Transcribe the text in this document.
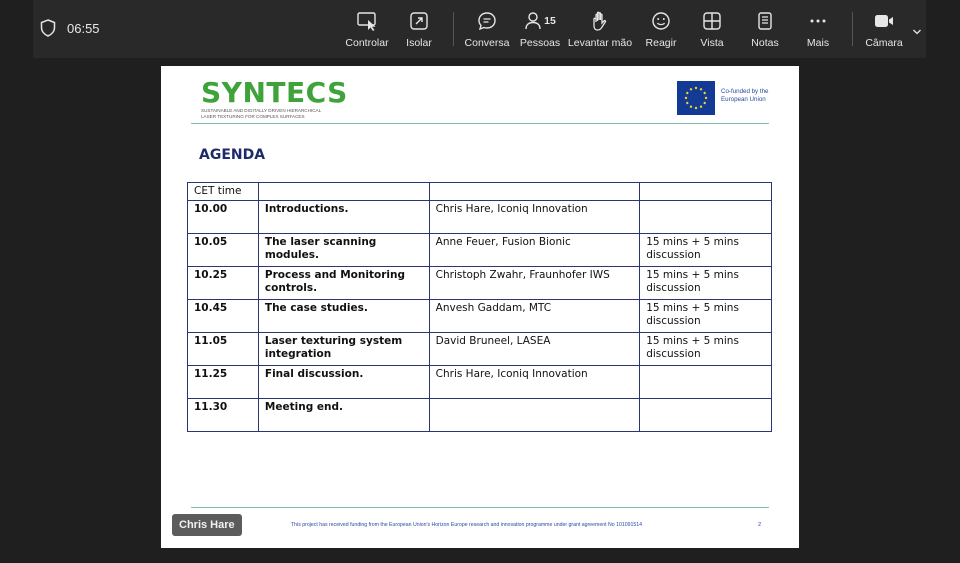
06:55
Controlar Isolar	Conversa
15
Pessoas Levantar mão Reagir Vista	Notas	Mais	Câmara
SYNTECS
SUSTAINABLE AND DIGITALLY DRIVEN HIERARCHICAL
LASER TEXTURING FOR COMPLEX SURFACES
Co-funded by the European Union
AGENDA
CET time			
10.00	Introductions.	Chris Hare, Iconiq Innovation	
10.05	The laser scanning modules.	Anne Feuer, Fusion Bionic	15 mins + 5 mins discussion
10.25	Process and Monitoring controls.	Christoph Zwahr, Fraunhofer IWS	15 mins + 5 mins discussion
10.45	The case studies.	Anvesh Gaddam, MTC	15 mins + 5 mins discussion
11.05	Laser texturing system integration	David Bruneel, LASEA	15 mins + 5 mins discussion
11.25	Final discussion.	Chris Hare, Iconiq Innovation	
11.30	Meeting end.		
This project has received funding from the European Union's Horizon Europe research and innovation programme under grant agreement No 101091514	2
Chris Hare
